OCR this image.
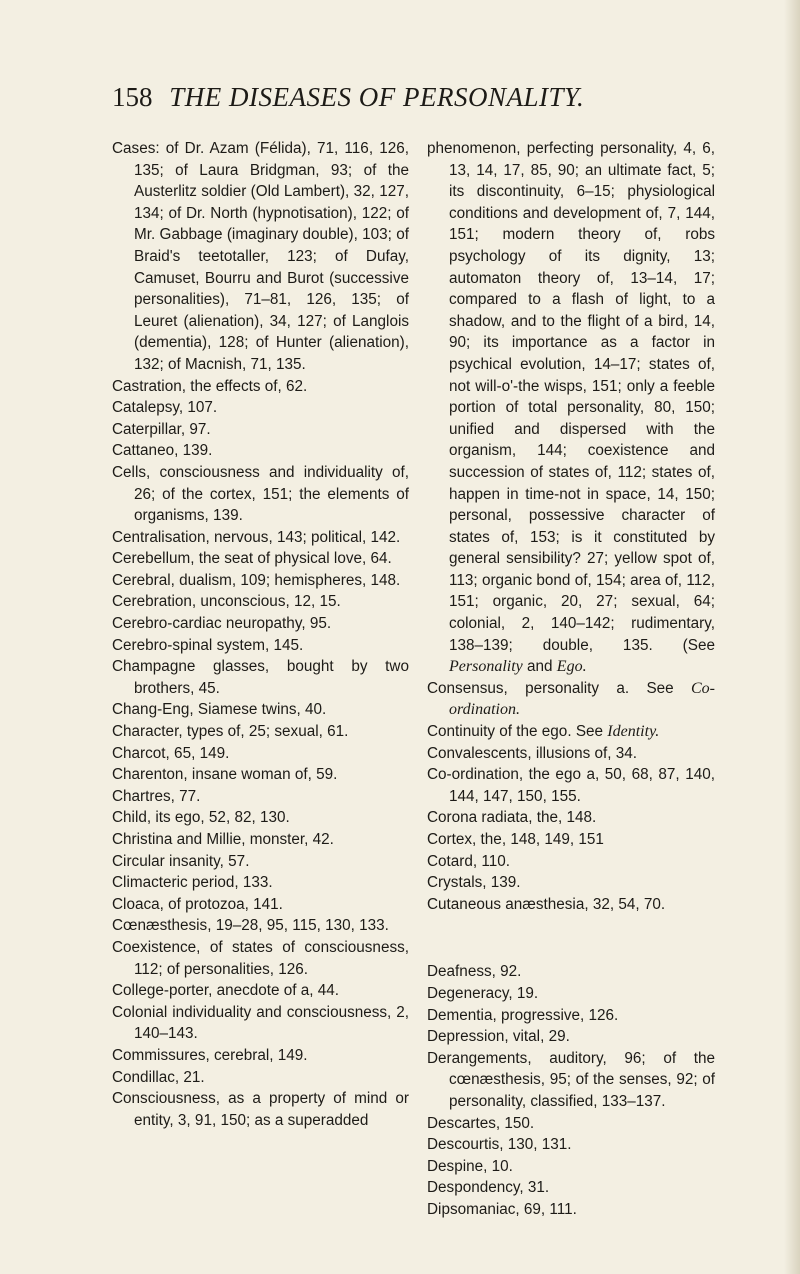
158 THE DISEASES OF PERSONALITY.

Cases: of Dr. Azam (Félida), 71, 116, 126, 135; of Laura Bridgman, 93; of the Austerlitz soldier (Old Lambert), 32, 127, 134; of Dr. North (hypnotisation), 122; of Mr. Gabbage (imaginary double), 103; of Braid's teetotaller, 123; of Dufay, Camuset, Bourru and Burot (successive personalities), 71–81, 126, 135; of Leuret (alienation), 34, 127; of Langlois (dementia), 128; of Hunter (alienation), 132; of Macnish, 71, 135.

Castration, the effects of, 62.

Catalepsy, 107.

Caterpillar, 97.

Cattaneo, 139.

Cells, consciousness and individuality of, 26; of the cortex, 151; the elements of organisms, 139.

Centralisation, nervous, 143; political, 142.

Cerebellum, the seat of physical love, 64.

Cerebral, dualism, 109; hemispheres, 148.

Cerebration, unconscious, 12, 15.

Cerebro-cardiac neuropathy, 95.

Cerebro-spinal system, 145.

Champagne glasses, bought by two brothers, 45.

Chang-Eng, Siamese twins, 40.

Character, types of, 25; sexual, 61.

Charcot, 65, 149.

Charenton, insane woman of, 59.

Chartres, 77.

Child, its ego, 52, 82, 130.

Christina and Millie, monster, 42.

Circular insanity, 57.

Climacteric period, 133.

Cloaca, of protozoa, 141.

Cœnæsthesis, 19–28, 95, 115, 130, 133.

Coexistence, of states of consciousness, 112; of personalities, 126.

College-porter, anecdote of a, 44.

Colonial individuality and consciousness, 2, 140–143.

Commissures, cerebral, 149.

Condillac, 21.

Consciousness, as a property of mind or entity, 3, 91, 150; as a superadded

phenomenon, perfecting personality, 4, 6, 13, 14, 17, 85, 90; an ultimate fact, 5; its discontinuity, 6–15; physiological conditions and development of, 7, 144, 151; modern theory of, robs psychology of its dignity, 13; automaton theory of, 13–14, 17; compared to a flash of light, to a shadow, and to the flight of a bird, 14, 90; its importance as a factor in psychical evolution, 14–17; states of, not will-o'-the wisps, 151; only a feeble portion of total personality, 80, 150; unified and dispersed with the organism, 144; coexistence and succession of states of, 112; states of, happen in time-not in space, 14, 150; personal, possessive character of states of, 153; is it constituted by general sensibility? 27; yellow spot of, 113; organic bond of, 154; area of, 112, 151; organic, 20, 27; sexual, 64; colonial, 2, 140–142; rudimentary, 138–139; double, 135. (See Personality and Ego.

Consensus, personality a. See Co-ordination.

Continuity of the ego. See Identity.

Convalescents, illusions of, 34.

Co-ordination, the ego a, 50, 68, 87, 140, 144, 147, 150, 155.

Corona radiata, the, 148.

Cortex, the, 148, 149, 151

Cotard, 110.

Crystals, 139.

Cutaneous anæsthesia, 32, 54, 70.

Deafness, 92.

Degeneracy, 19.

Dementia, progressive, 126.

Depression, vital, 29.

Derangements, auditory, 96; of the cœnæsthesis, 95; of the senses, 92; of personality, classified, 133–137.

Descartes, 150.

Descourtis, 130, 131.

Despine, 10.

Despondency, 31.

Dipsomaniac, 69, 111.
